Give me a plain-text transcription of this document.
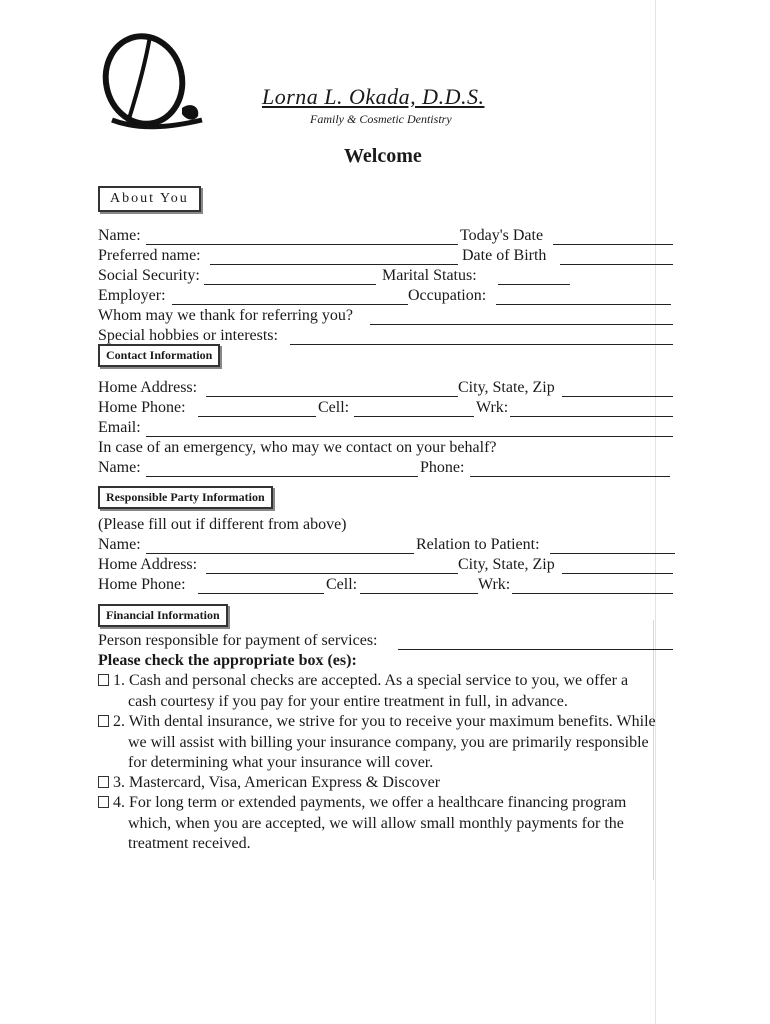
Lorna L. Okada, D.D.S.
Family & Cosmetic Dentistry
Welcome
About You
Name:	Today's Date
Preferred name:	Date of Birth
Social Security:	Marital Status:
Employer:	Occupation:
Whom may we thank for referring you?
Special hobbies or interests:
Contact Information
Home Address:	City, State, Zip
Home Phone:	Cell:	Wrk:
Email:
In case of an emergency, who may we contact on your behalf?
Name:	Phone:
Responsible Party Information
(Please fill out if different from above)
Name:	Relation to Patient:
Home Address:	City, State, Zip
Home Phone:	Cell:	Wrk:
Financial Information
Person responsible for payment of services:
Please check the appropriate box (es):
1. Cash and personal checks are accepted. As a special service to you, we offer a cash courtesy if you pay for your entire treatment in full, in advance.
2. With dental insurance, we strive for you to receive your maximum benefits. While we will assist with billing your insurance company, you are primarily responsible for determining what your insurance will cover.
3. Mastercard, Visa, American Express & Discover
4. For long term or extended payments, we offer a healthcare financing program which, when you are accepted, we will allow small monthly payments for the treatment received.
